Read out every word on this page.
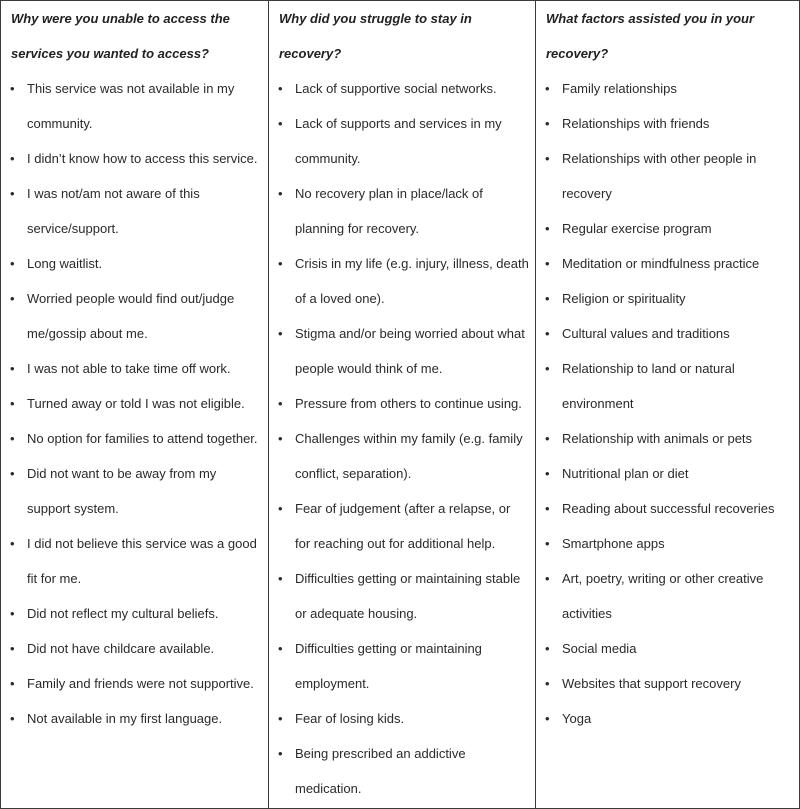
Why were you unable to access the services you wanted to access?

• This service was not available in my community.
• I didn’t know how to access this service.
• I was not/am not aware of this service/support.
• Long waitlist.
• Worried people would find out/judge me/gossip about me.
• I was not able to take time off work.
• Turned away or told I was not eligible.
• No option for families to attend together.
• Did not want to be away from my support system.
• I did not believe this service was a good fit for me.
• Did not reflect my cultural beliefs.
• Did not have childcare available.
• Family and friends were not supportive.
• Not available in my first language.

Why did you struggle to stay in recovery?

• Lack of supportive social networks.
• Lack of supports and services in my community.
• No recovery plan in place/lack of planning for recovery.
• Crisis in my life (e.g. injury, illness, death of a loved one).
• Stigma and/or being worried about what people would think of me.
• Pressure from others to continue using.
• Challenges within my family (e.g. family conflict, separation).
• Fear of judgement (after a relapse, or for reaching out for additional help.
• Difficulties getting or maintaining stable or adequate housing.
• Difficulties getting or maintaining employment.
• Fear of losing kids.
• Being prescribed an addictive medication.

What factors assisted you in your recovery?

• Family relationships
• Relationships with friends
• Relationships with other people in recovery
• Regular exercise program
• Meditation or mindfulness practice
• Religion or spirituality
• Cultural values and traditions
• Relationship to land or natural environment
• Relationship with animals or pets
• Nutritional plan or diet
• Reading about successful recoveries
• Smartphone apps
• Art, poetry, writing or other creative activities
• Social media
• Websites that support recovery
• Yoga
